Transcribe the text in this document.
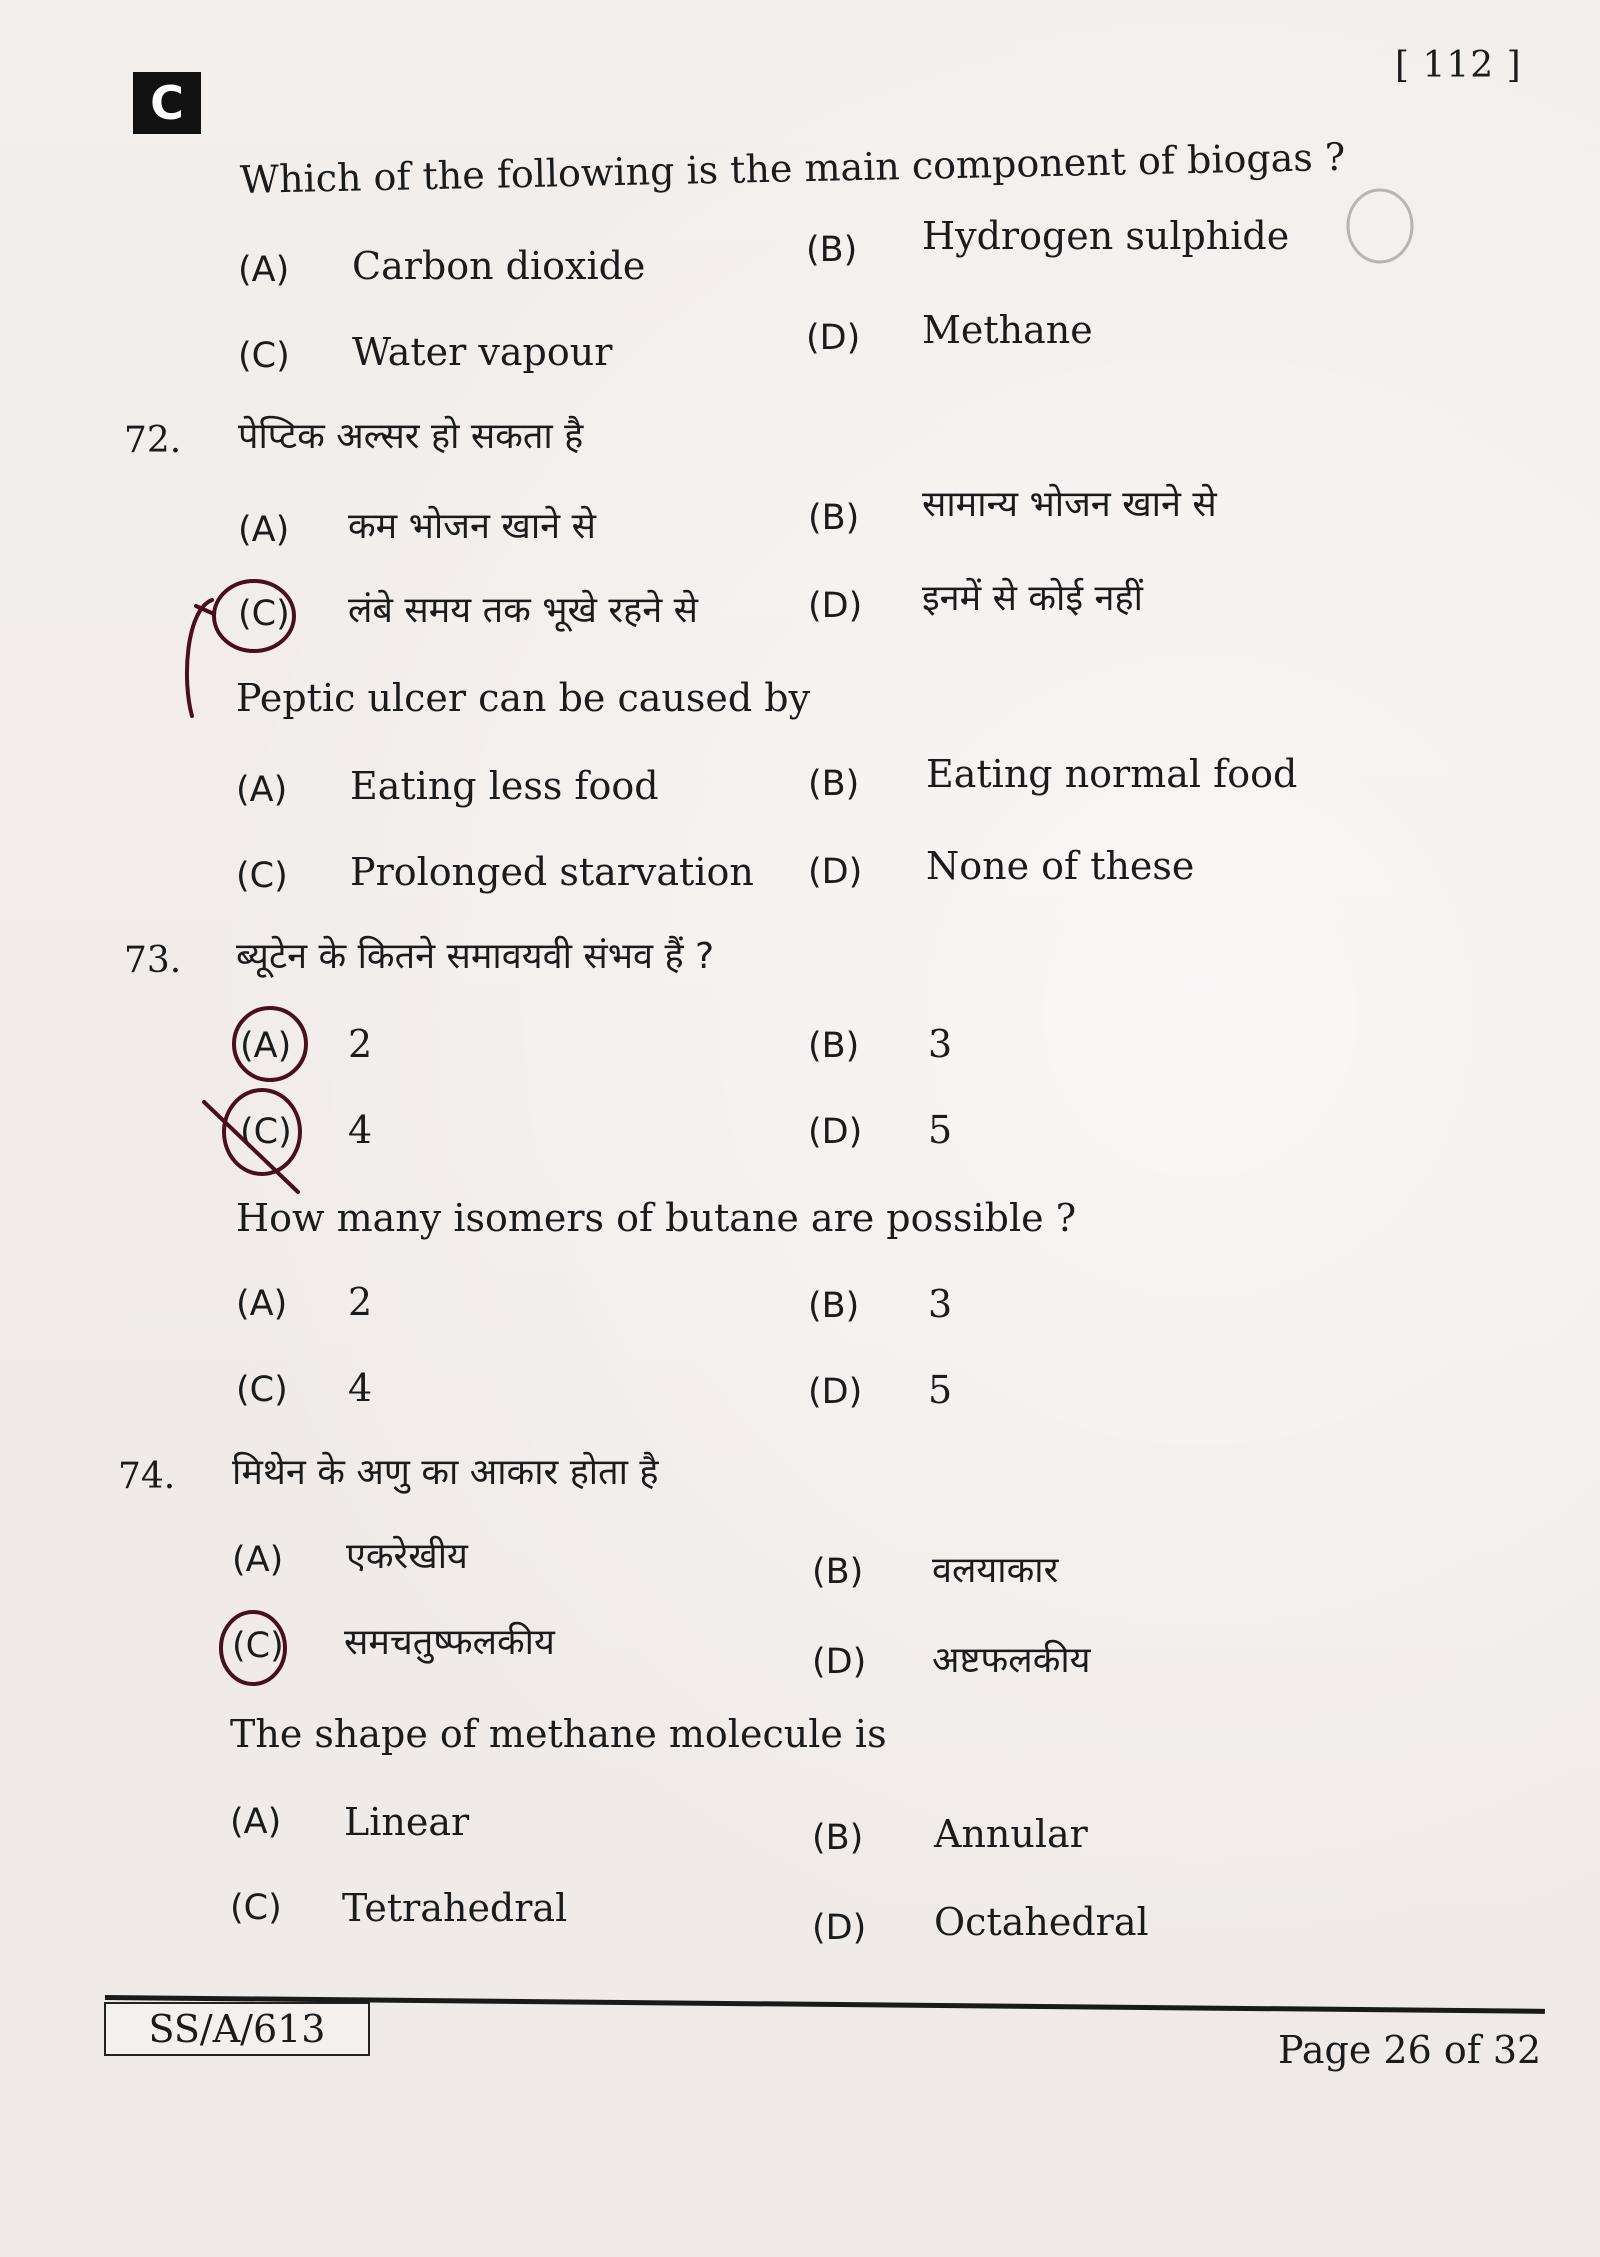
C
[ 112 ]
Which of the following is the main component of biogas ?
(A) Carbon dioxide	(B) Hydrogen sulphide
(C) Water vapour	(D) Methane
72. पेप्टिक अल्सर हो सकता है
(A) कम भोजन खाने से	(B) सामान्य भोजन खाने से
(C) लंबे समय तक भूखे रहने से	(D) इनमें से कोई नहीं
Peptic ulcer can be caused by
(A) Eating less food	(B) Eating normal food
(C) Prolonged starvation (D) None of these
73. ब्यूटेन के कितने समावयवी संभव हैं ?
(A) 2	(B) 3
(C) 4	(D) 5
How many isomers of butane are possible ?
(A) 2	(B) 3
(C) 4	(D) 5
74. मिथेन के अणु का आकार होता है
(A) एकरेखीय	(B) वलयाकार
(C) समचतुष्फलकीय	(D) अष्टफलकीय
The shape of methane molecule is
(A) Linear	(B) Annular
(C) Tetrahedral	(D) Octahedral
SS/A/613	Page 26 of 32
